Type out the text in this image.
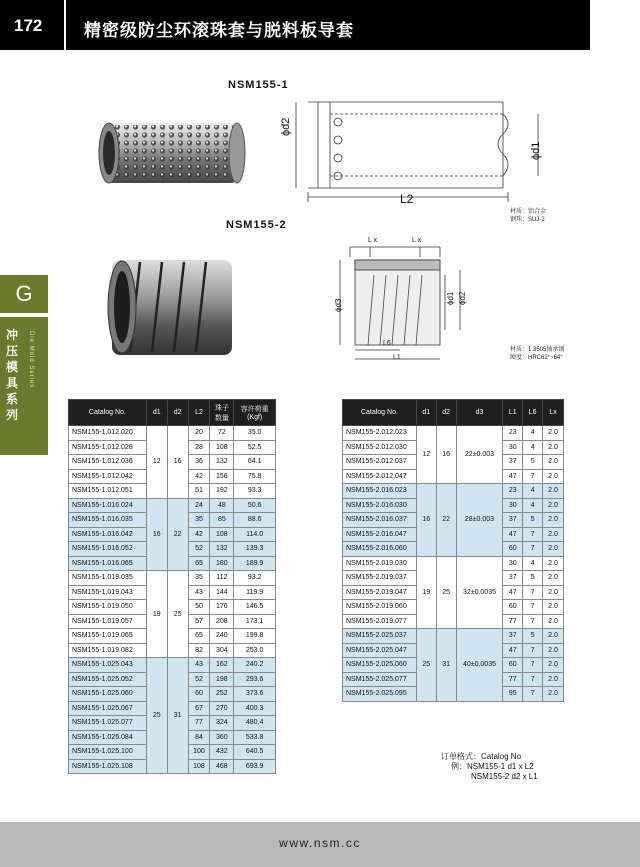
172 精密级防尘环滚珠套与脱料板导套
G
冲
压
模
具
系
列
Die Mold Series
NSM155-1
ϕd2
ϕd1
L2
材质：铝合金
钢珠：SUJ-2
NSM155-2
L x	L x
ϕd3
ϕd1 ϕd2
L6
L1
材质：1.3505轴承钢
硬度：HRC62°~64°
Catalog No.	d1	d2	L2	珠子
数量	容许荷重
(Kgf)
NSM155-1.012.020	12	16	20	72	35.0
NSM155-1.012.028			28	108	52.5
NSM155-1.012.036			36	132	64.1
NSM155-1.012.042			42	156	75.8
NSM155-1.012.051			51	192	93.3
NSM155-1.016.024	16	22	24	48	50.6
NSM155-1.016.035			35	85	88.6
NSM155-1.016.042			42	108	114.0
NSM155-1.016.052			52	132	139.3
NSM155-1.016.065			65	180	189.9
NSM155-1.019.035	19	25	35	112	93.2
NSM155-1.019.043			43	144	119.9
NSM155-1.019.050			50	176	146.5
NSM155-1.019.057			57	208	173.1
NSM155-1.019.065			65	240	199.8
NSM155-1.019.082			82	304	253.0
NSM155-1.025.043	25	31	43	162	240.2
NSM155-1.025.052			52	198	293.6
NSM155-1.025.060			60	252	373.6
NSM155-1.025.067			67	270	400.3
NSM155-1.025.077			77	324	480.4
NSM155-1.025.084			84	360	533.8
NSM155-1.025.100			100	432	640.5
NSM155-1.025.108			108	468	693.9
Catalog No.	d1	d2	d3	L1	L6	Lx
NSM155-2.012.023	12	16	22±0.003	23	4	2.0
NSM155-2.012.030				30	4	2.0
NSM155-2.012.037				37	5	2.0
NSM155-2.012.047				47	7	2.0
NSM155-2.016.023	16	22	28±0.003	23	4	2.0
NSM155-2.016.030				30	4	2.0
NSM155-2.016.037				37	5	2.0
NSM155-2.016.047				47	7	2.0
NSM155-2.016.060				60	7	2.0
NSM155-2.019.030	19	25	32±0.0035	30	4	2.0
NSM155-2.019.037				37	5	2.0
NSM155-2.019.047				47	7	2.0
NSM155-2.019.060				60	7	2.0
NSM155-2.019.077				77	7	2.0
NSM155-2.025.037	25	31	40±0.0035	37	5	2.0
NSM155-2.025.047				47	7	2.0
NSM155-2.025.060				60	7	2.0
NSM155-2.025.077				77	7	2.0
NSM155-2.025.095				95	7	2.0
订单格式：Catalog No
例：NSM155-1 d1 x L2
NSM155-2 d2 x L1
www.nsm.cc
